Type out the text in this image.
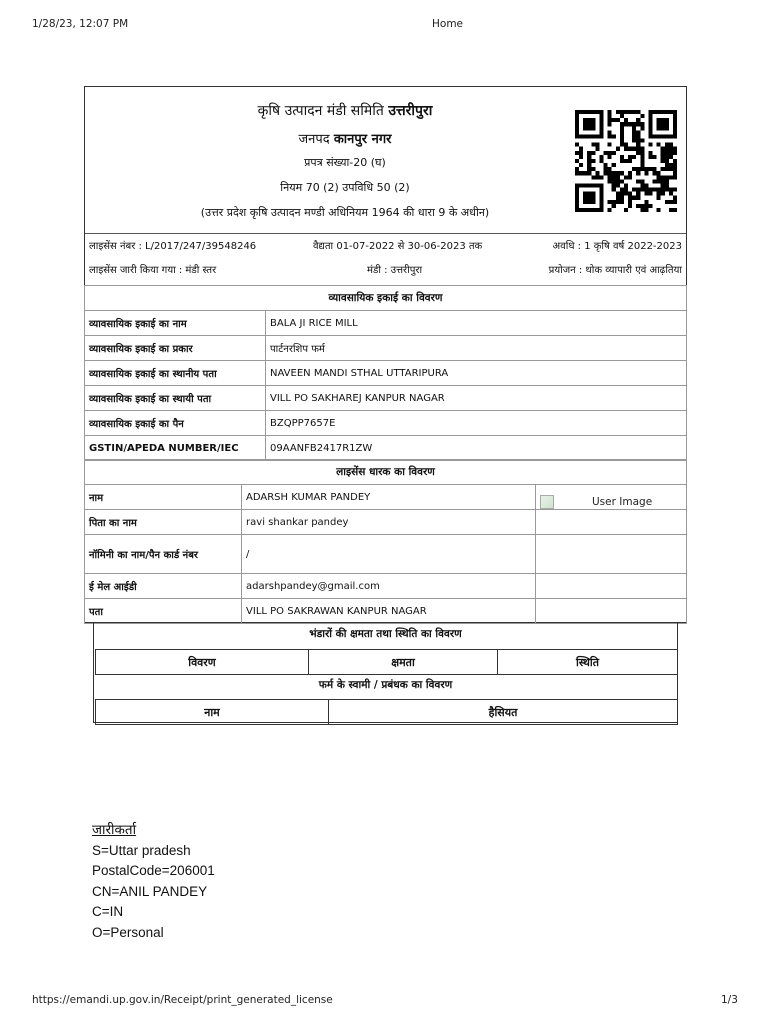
1/28/23, 12:07 PM	Home
कृषि उत्पादन मंडी समिति उत्तरीपुरा
जनपद कानपुर नगर
प्रपत्र संख्या-20 (घ)
नियम 70 (2) उपविधि 50 (2)
(उत्तर प्रदेश कृषि उत्पादन मण्डी अधिनियम 1964 की धारा 9 के अधीन)
लाइसेंस नंबर : L/2017/247/39548246	वैद्यता 01-07-2022 से 30-06-2023 तक	अवधि : 1 कृषि वर्ष 2022-2023
लाइसेंस जारी किया गया : मंडी स्तर	मंडी : उत्तरीपुरा	प्रयोजन : थोक व्यापारी एवं आढ़तिया
व्यावसायिक इकाई का विवरण	
व्यावसायिक इकाई का नाम	BALA JI RICE MILL
व्यावसायिक इकाई का प्रकार	पार्टनरशिप फर्म
व्यावसायिक इकाई का स्थानीय पता	NAVEEN MANDI STHAL UTTARIPURA
व्यावसायिक इकाई का स्थायी पता	VILL PO SAKHAREJ KANPUR NAGAR
व्यावसायिक इकाई का पैन	BZQPP7657E
GSTIN/APEDA NUMBER/IEC	09AANFB2417R1ZW
लाइसेंस धारक का विवरण	
नाम	ADARSH KUMAR PANDEY
पिता का नाम	ravi shankar pandey
नॉमिनी का नाम/पैन कार्ड नंबर	/
ई मेल आईडी	adarshpandey@gmail.com
पता	VILL PO SAKRAWAN KANPUR NAGAR
User Image
भंडारों की क्षमता तथा स्थिति का विवरण
विवरण	क्षमता	स्थिति
फर्म के स्वामी / प्रबंधक का विवरण
नाम	हैसियत
जारीकर्ता
S=Uttar pradesh
PostalCode=206001
CN=ANIL PANDEY
C=IN
O=Personal
https://emandi.up.gov.in/Receipt/print_generated_license	1/3
